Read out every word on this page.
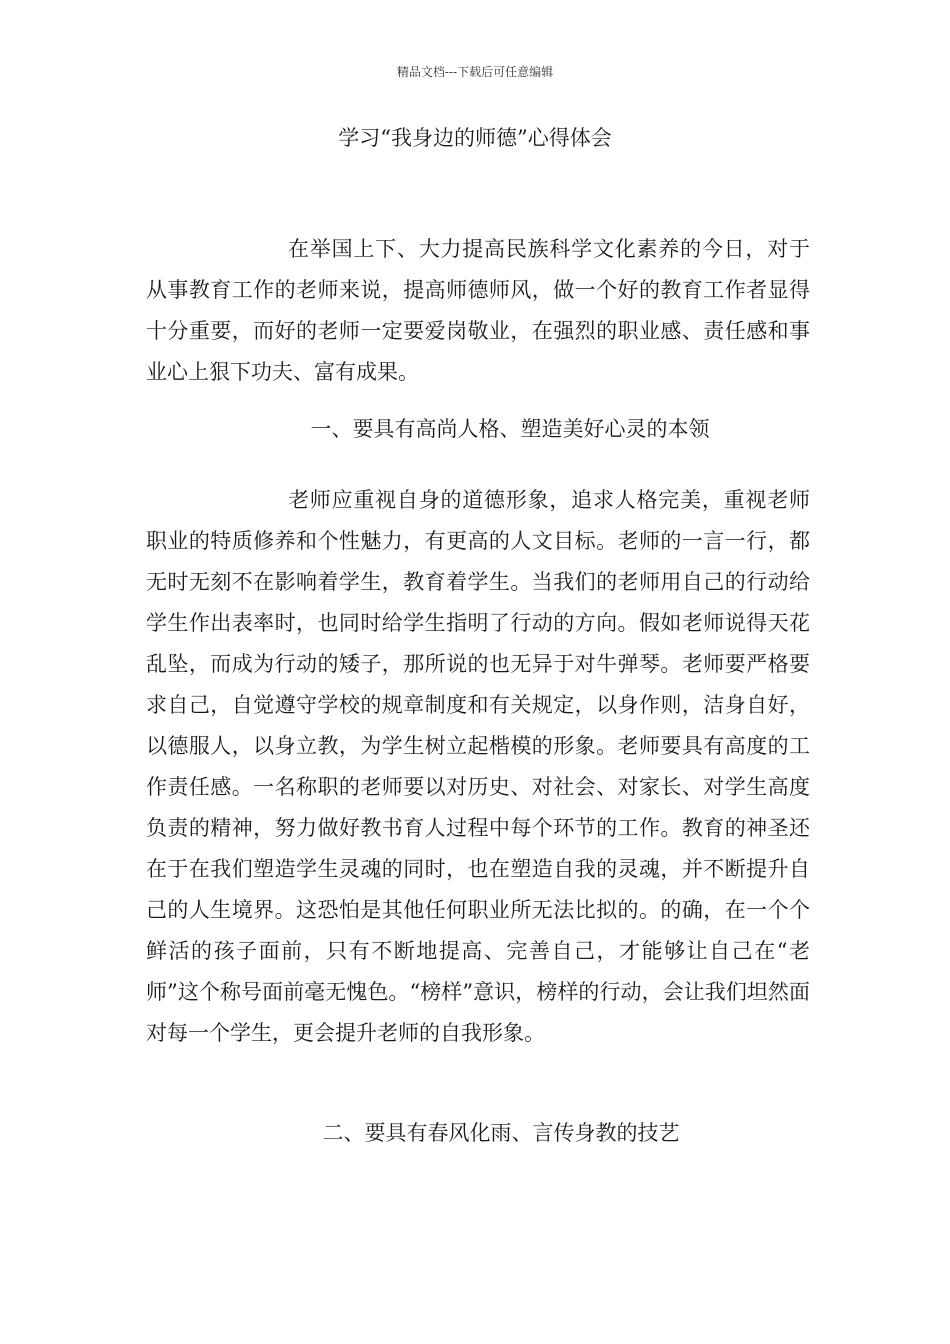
精品文档---下载后可任意编辑
学习“我身边的师德”心得体会

在举国上下、大力提高民族科学文化素养的今日，对于从事教育工作的老师来说，提高师德师风，做一个好的教育工作者显得十分重要，而好的老师一定要爱岗敬业，在强烈的职业感、责任感和事业心上狠下功夫、富有成果。

一、要具有高尚人格、塑造美好心灵的本领

老师应重视自身的道德形象，追求人格完美，重视老师职业的特质修养和个性魅力，有更高的人文目标。老师的一言一行，都无时无刻不在影响着学生，教育着学生。当我们的老师用自己的行动给学生作出表率时，也同时给学生指明了行动的方向。假如老师说得天花乱坠，而成为行动的矮子，那所说的也无异于对牛弹琴。老师要严格要求自己，自觉遵守学校的规章制度和有关规定，以身作则，洁身自好，以德服人，以身立教，为学生树立起楷模的形象。老师要具有高度的工作责任感。一名称职的老师要以对历史、对社会、对家长、对学生高度负责的精神，努力做好教书育人过程中每个环节的工作。教育的神圣还在于在我们塑造学生灵魂的同时，也在塑造自我的灵魂，并不断提升自己的人生境界。这恐怕是其他任何职业所无法比拟的。的确，在一个个鲜活的孩子面前，只有不断地提高、完善自己，才能够让自己在“老师”这个称号面前毫无愧色。“榜样”意识，榜样的行动，会让我们坦然面对每一个学生，更会提升老师的自我形象。

二、要具有春风化雨、言传身教的技艺
